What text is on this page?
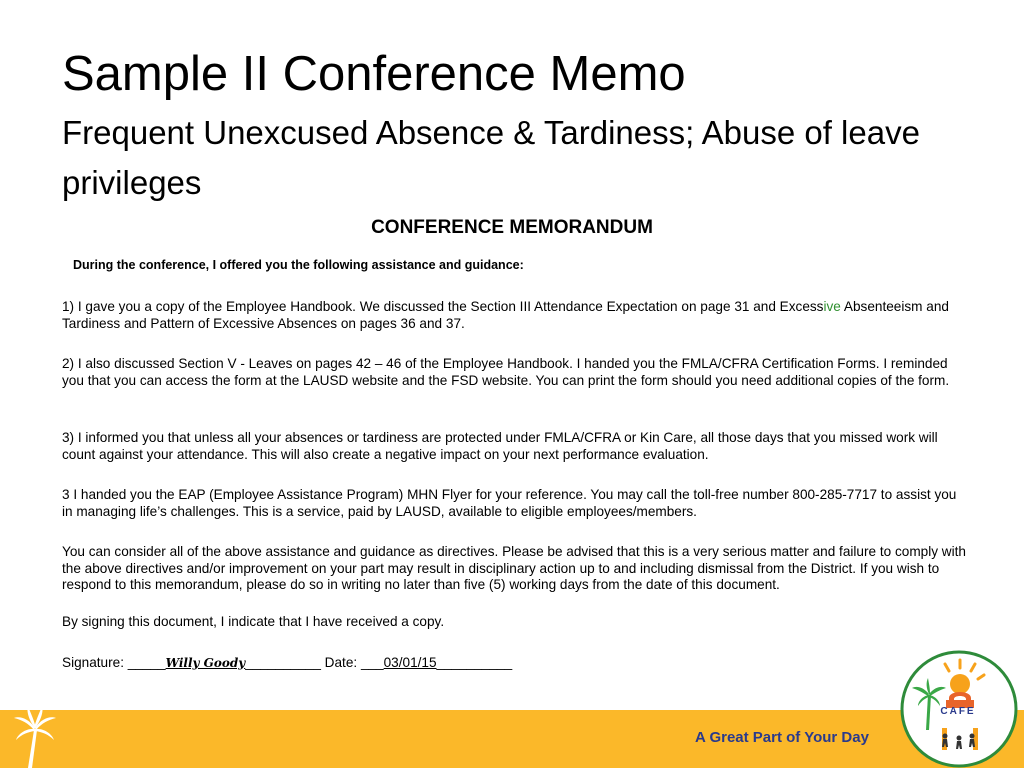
Sample II Conference Memo
Frequent Unexcused Absence & Tardiness; Abuse of leave privileges
CONFERENCE MEMORANDUM
During the conference, I offered you the following assistance and guidance:
1) I gave you a copy of the Employee Handbook. We discussed the Section III Attendance Expectation on page 31 and Excessive Absenteeism and Tardiness and Pattern of Excessive Absences on pages 36 and 37.
2) I also discussed Section V - Leaves on pages 42 – 46 of the Employee Handbook. I handed you the FMLA/CFRA Certification Forms. I reminded you that you can access the form at the LAUSD website and the FSD website. You can print the form should you need additional copies of the form.
3) I informed you that unless all your absences or tardiness are protected under FMLA/CFRA or Kin Care, all those days that you missed work will count against your attendance. This will also create a negative impact on your next performance evaluation.
3 I handed you the EAP (Employee Assistance Program) MHN Flyer for your reference. You may call the toll-free number 800-285-7717 to assist you in managing life’s challenges. This is a service, paid by LAUSD, available to eligible employees/members.
You can consider all of the above assistance and guidance as directives. Please be advised that this is a very serious matter and failure to comply with the above directives and/or improvement on your part may result in disciplinary action up to and including dismissal from the District. If you wish to respond to this memorandum, please do so in writing no later than five (5) working days from the date of this document.
By signing this document, I indicate that I have received a copy.
Signature: _____Willy Goody__________ Date: ___03/01/15__________
A Great Part of Your Day
CAFE
